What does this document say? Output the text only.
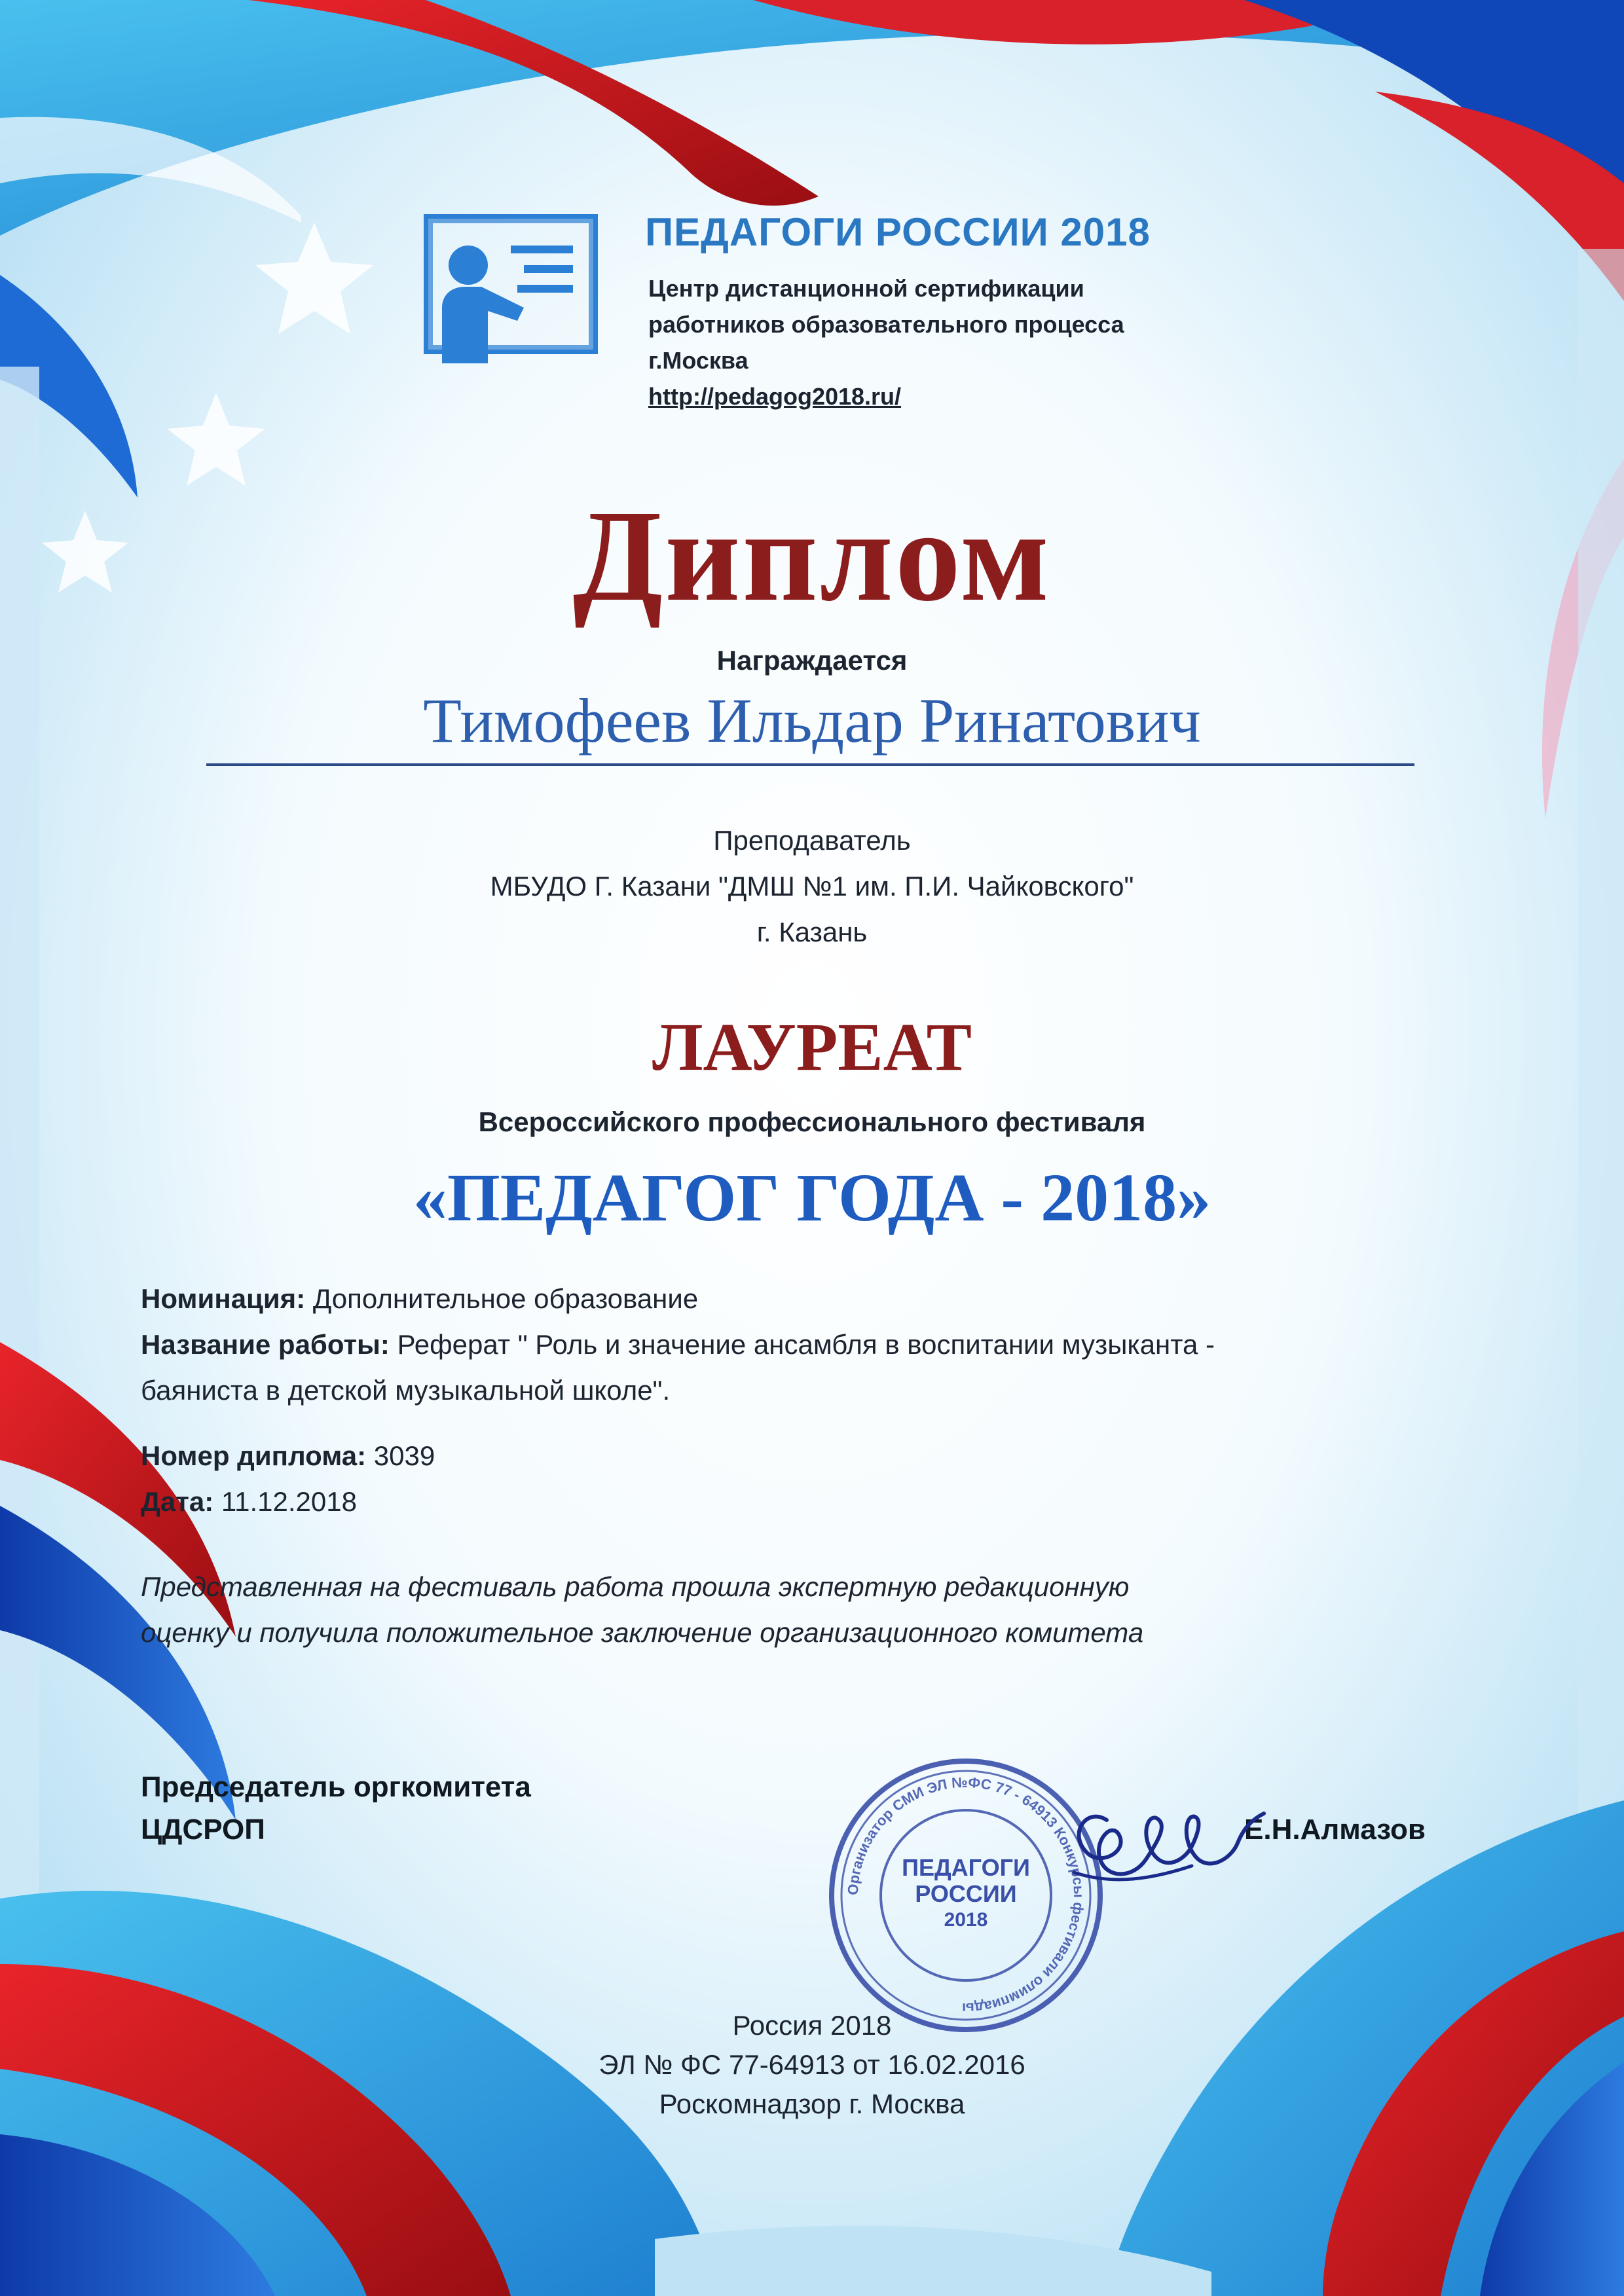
ПЕДАГОГИ РОССИИ 2018
Центр дистанционной сертификации
работников образовательного процесса
г.Москва
http://pedagog2018.ru/
Диплом
Награждается
Тимофеев Ильдар Ринатович
Преподаватель
МБУДО Г. Казани "ДМШ №1 им. П.И. Чайковского"
г. Казань
ЛАУРЕАТ
Всероссийского профессионального фестиваля
«ПЕДАГОГ ГОДА - 2018»
Номинация: Дополнительное образование
Название работы: Реферат " Роль и значение ансамбля в воспитании музыканта -
баяниста в детской музыкальной школе".
Номер диплома: 3039
Дата: 11.12.2018
Представленная на фестиваль работа прошла экспертную редакционную
оценку и получила положительное заключение организационного комитета
Председатель оргкомитета
ЦДСРОП	Е.Н.Алмазов
Организатор СМИ ЭЛ №ФС 77 - 64913 Конкурсы фестивали олимпиады
ПЕДАГОГИ
РОССИИ
2018
Россия 2018
ЭЛ № ФС 77-64913 от 16.02.2016
Роскомнадзор г. Москва
